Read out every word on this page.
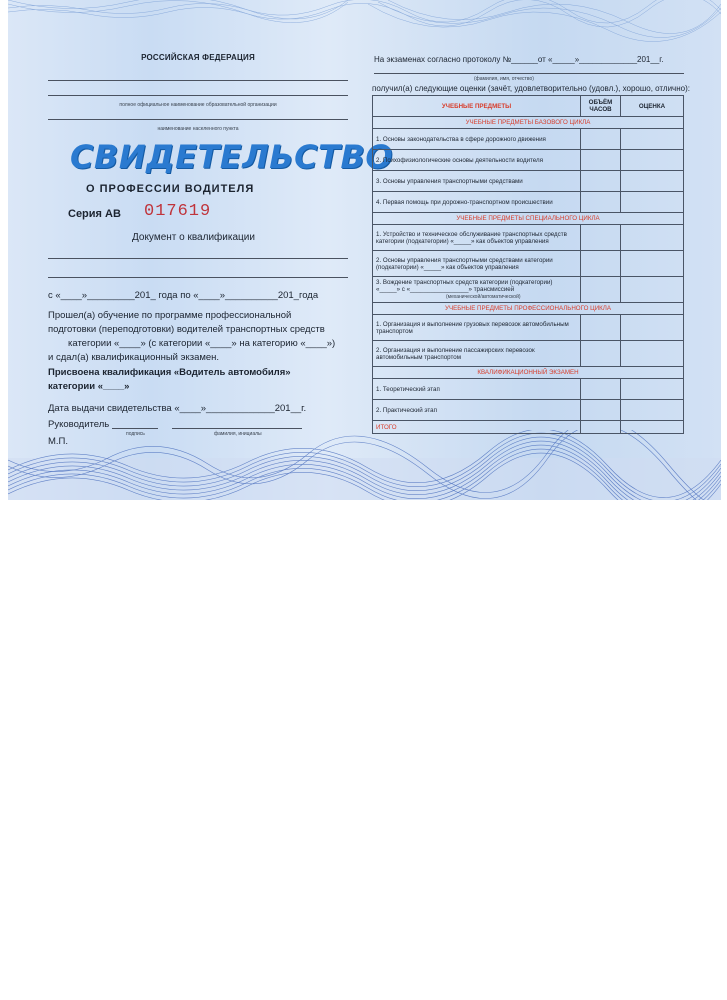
РОССИЙСКАЯ ФЕДЕРАЦИЯ
полное официальное наименование образовательной организации
наименование населенного пункта
СВИДЕТЕЛЬСТВО
О ПРОФЕССИИ ВОДИТЕЛЯ
Серия АВ 017619
Документ о квалификации
с «____»_________201_ года по «____»__________201_года
Прошел(а) обучение по программе профессиональной
подготовки (переподготовки) водителей транспортных средств
категории «____» (с категории «____» на категорию «____»)
и сдал(а) квалификационный экзамен.
Присвоена квалификация «Водитель автомобиля»
категории «____»
Дата выдачи свидетельства «____»_____________201__г.
Руководитель
подпись	фамилия, инициалы
М.П.
На экзаменах согласно протоколу №______от «_____»_____________201__г.
(фамилия, имя, отчество)
получил(а) следующие оценки (зачёт, удовлетворительно (удовл.), хорошо, отлично):
УЧЕБНЫЕ ПРЕДМЕТЫ	ОБЪЁМ ЧАСОВ	ОЦЕНКА
УЧЕБНЫЕ ПРЕДМЕТЫ БАЗОВОГО ЦИКЛА		
1. Основы законодательства в сфере дорожного движения		
2. Психофизиологические основы деятельности водителя		
3. Основы управления транспортными средствами		
4. Первая помощь при дорожно-транспортном происшествии		
УЧЕБНЫЕ ПРЕДМЕТЫ СПЕЦИАЛЬНОГО ЦИКЛА		
1. Устройство и техническое обслуживание транспортных средств категории (подкатегории) «_____» как объектов управления		
2. Основы управления транспортными средствами категории (подкатегории) «_____» как объектов управления		
3. Вождение транспортных средств категории (подкатегории) «_____» с «_________________» трансмиссией
(механической/автоматической)		
УЧЕБНЫЕ ПРЕДМЕТЫ ПРОФЕССИОНАЛЬНОГО ЦИКЛА		
1. Организация и выполнение грузовых перевозок автомобильным транспортом		
2. Организация и выполнение пассажирских перевозок автомобильным транспортом		
КВАЛИФИКАЦИОННЫЙ ЭКЗАМЕН		
1. Теоретический этап		
2. Практический этап		
ИТОГО		
